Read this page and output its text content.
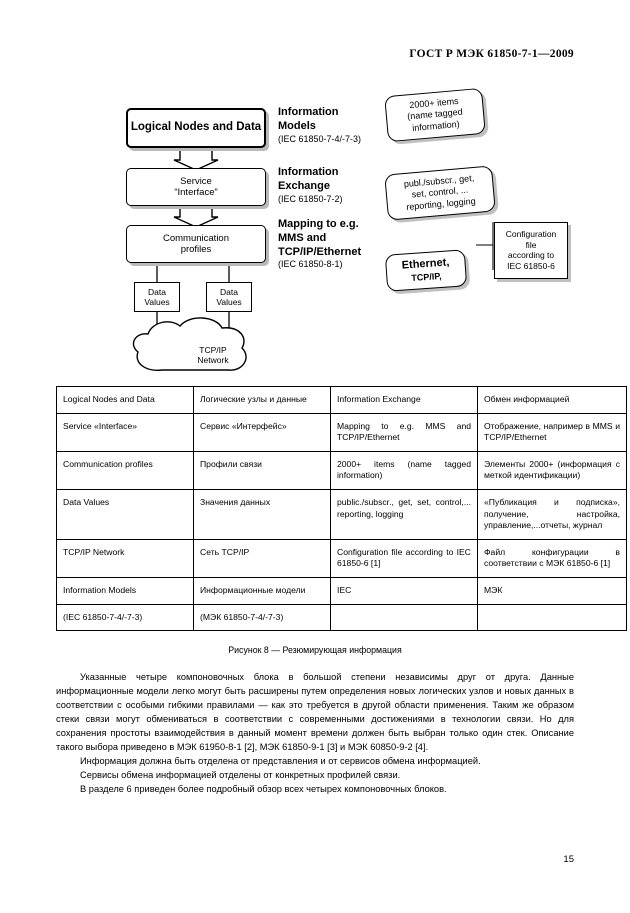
ГОСТ Р МЭК 61850-7-1—2009
Logical Nodes and Data
Service
“Interface”
Communication
profiles
Data
Values
Data
Values
TCP/IP
Network
Information
Models
(IEC 61850-7-4/-7-3)
Information
Exchange
(IEC 61850-7-2)
Mapping to e.g.
MMS and
TCP/IP/Ethernet
(IEC 61850-8-1)
2000+ items
(name tagged
information)
publ./subscr., get,
set, control, ...
reporting, logging
Ethernet,
TCP/IP,
Configuration
file
according to
IEC 61850-6
Logical Nodes and Data	Логические узлы и данные	Information Exchange	Обмен информацией
Service «Interface»	Сервис «Интерфейс»	Mapping to e.g. MMS and TCP/IP/Ethernet	Отображение, например в MMS и TCP/IP/Ethernet
Communication profiles	Профили связи	2000+ items (name tagged information)	Элементы 2000+ (информация с меткой идентификации)
Data Values	Значения данных	public./subscr., get, set, control,... reporting, logging	«Публикация и подписка», получение, настройка, управление,...отчеты, журнал
TCP/IP Network	Сеть TCP/IP	Configuration file according to IEC 61850-6 [1]	Файл конфигурации в соответствии с МЭК 61850-6 [1]
Information Models	Информационные модели	IEC	МЭК
(IEC 61850-7-4/-7-3)	(МЭК 61850-7-4/-7-3)		
Рисунок 8 — Резюмирующая информация

Указанные четыре компоновочных блока в большой степени независимы друг от друга. Данные информационные модели легко могут быть расширены путем определения новых логических узлов и новых данных в соответствии с особыми гибкими правилами — как это требуется в другой области применения. Таким же образом стеки связи могут обмениваться в соответствии с современными достижениями в технологии связи. Но для сохранения простоты взаимодействия в данный момент времени должен быть выбран только один стек. Описание такого выбора приведено в МЭК 61950-8-1 [2], МЭК 61850-9-1 [3] и МЭК 60850-9-2 [4].

Информация должна быть отделена от представления и от сервисов обмена информацией.

Сервисы обмена информацией отделены от конкретных профилей связи.

В разделе 6 приведен более подробный обзор всех четырех компоновочных блоков.

15
